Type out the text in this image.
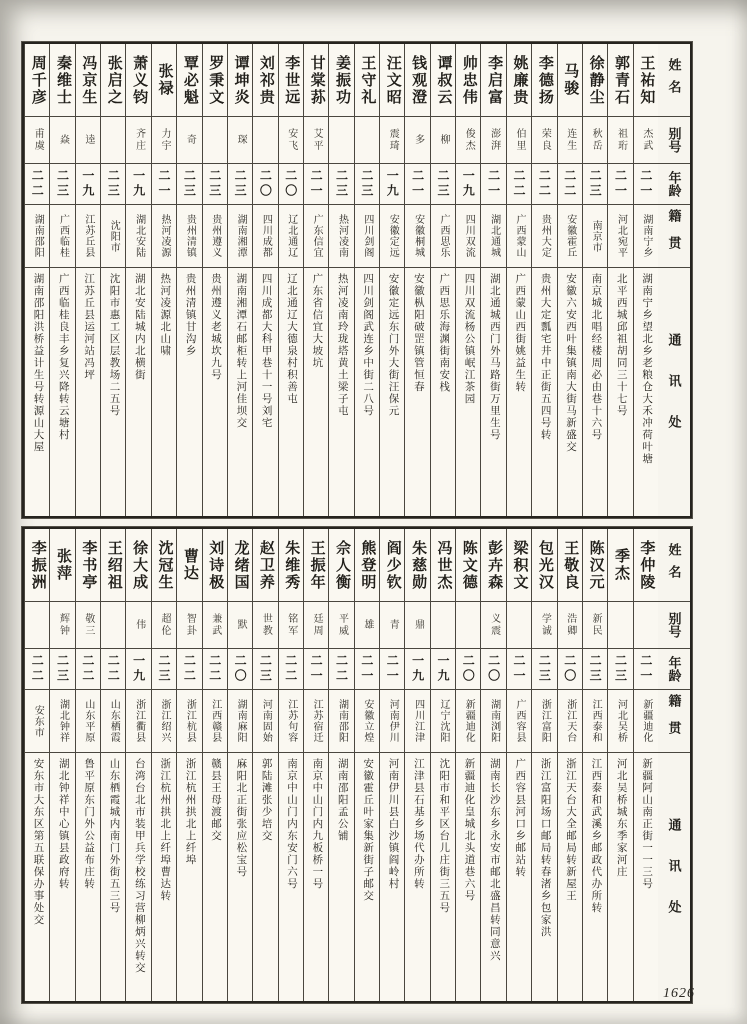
姓名
别号
年龄
籍贯
通讯处
王祐知
杰武
二一
湖南宁乡
湖南宁乡望北乡老粮仓大禾冲荷叶塘
郭青石
祖珩
二一
河北宛平
北平西城邱祖胡同三十七号
徐静尘
秋岳
二三
南京市
南京城北唱经楼周必由巷十六号
马骏
连生
二二
安徽霍丘
安徽六安西叶集镇南大街马新盛交
李德扬
荣良
二二
贵州大定
贵州大定瓢宅井中正街五四号转
姚廉贵
伯里
二二
广西蒙山
广西蒙山西街姚益生转
李启富
澎湃
二一
湖北通城
湖北通城西门外马路街万里生号
帅忠伟
俊杰
一九
四川双流
四川双流杨公镇岷江茶园
谭叔云
柳
二三
广西思乐
广西思乐海渊街南安栈
钱观澄
多
二一
安徽桐城
安徽枞阳破罡镇管恒春
汪文昭
震琦
一九
安徽定远
安徽定远东门外大街汪保元
王守礼
二三
四川剑阁
四川剑阁武连乡中街二八号
姜振功
二三
热河凌南
热河凌南玲珑塔黄土梁子屯
甘棠荪
艾平
二一
广东信宜
广东省信宜大坡坑
李世远
安飞
二〇
辽北通辽
辽北通辽大德泉村积善屯
刘祁贵
二〇
四川成都
四川成都大科甲巷十一号刘宅
谭坤炎
琛
二三
湖南湘潭
湖南湘潭石邮柜转上河佳坝交
罗秉文
二三
贵州遵义
贵州遵义老城坎九号
覃必魁
奇
二三
贵州清镇
贵州清镇甘沟乡
张禄
力宇
二一
热河凌源
热河凌源北山啸
萧义钧
齐庄
一九
湖北安陆
湖北安陆城内北横街
张启之
二三
沈阳市
沈阳市惠工区层教场二五号
冯京生
逵
一九
江苏丘县
江苏丘县运河站冯坪
秦维士
焱
二三
广西临桂
广西临桂良丰乡复兴降转云塘村
周千彦
甫虞
二二
湖南邵阳
湖南邵阳洪桥益计生号转源山大屋
姓名
别号
年龄
籍贯
通讯处
李仲陵
二一
新疆迪化
新疆阿山南正街一一三号
季杰
二三
河北吴桥
河北吴桥城东季家河庄
陈汉元
新民
二三
江西泰和
江西泰和武溪乡邮政代办所转
王敬良
浩卿
二〇
浙江天台
浙江天台大全邮局转新屋王
包光汉
学诚
二三
浙江富阳
浙江富阳场口邮局转春渚乡包家洪
梁积文
二一
广西容县
广西容县河口乡邮站转
彭卉森
义震
二〇
湖南浏阳
湖南长沙东乡永安市邮北盛昌转同意兴
陈文德
二〇
新疆迪化
新疆迪化皇城北头道巷六号
冯世杰
一九
辽宁沈阳
沈阳市和平区台儿庄街三五号
朱慈勋
鼎
一九
四川江津
江津县石基乡场代办所转
阎少钦
青
二一
河南伊川
河南伊川县白沙镇阎岭村
熊登明
雄
二一
安徽立煌
安徽霍丘叶家集新街子邮交
佘人衡
平威
二二
湖南邵阳
湖南邵阳孟公铺
王振年
廷周
二一
江苏宿迁
南京中山门内九板桥一号
朱维秀
铭军
二二
江苏句容
南京中山门内东安门六号
赵卫养
世教
二三
河南固始
郭陆滩张少培交
龙绪国
默
二〇
湖南麻阳
麻阳北正街张应松宝号
刘诗极
兼武
二二
江西赣县
赣县王母渡邮交
曹达
智卦
二二
浙江杭县
浙江杭州拱北上纤埠
沈冠生
超伦
二三
浙江绍兴
浙江杭州拱北上纤埠曹达转
徐大成
伟
一九
浙江衢县
台湾台北市装甲兵学校练习营柳炳兴转交
王绍祖
二二
山东栖霞
山东栖霞城内南门外街五三号
李书亭
敬三
二二
山东平原
鲁平原东门外公益布庄转
张萍
辉钟
二三
湖北钟祥
湖北钟祥中心镇县政府转
李振洲
二二
安东市
安东市大东区第五联保办事处交
1626
